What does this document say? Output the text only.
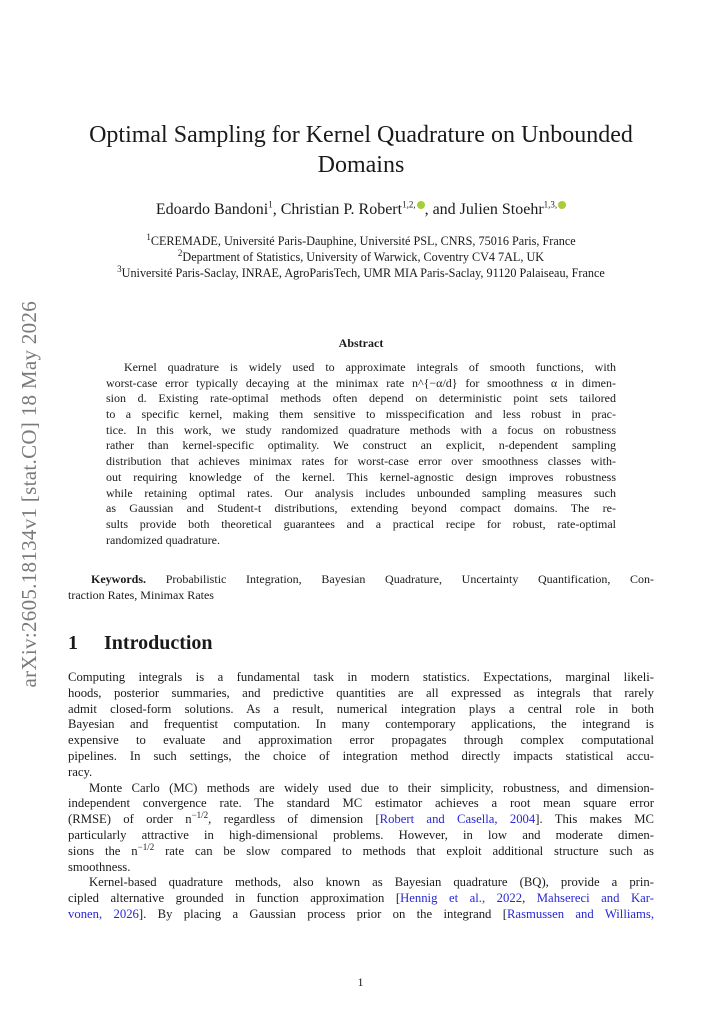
arXiv:2605.18134v1 [stat.CO] 18 May 2026
Optimal Sampling for Kernel Quadrature on Unbounded
Domains
Edoardo Bandoni$^1$, Christian P. Robert$^{1,2,}$ , and Julien Stoehr$^{1,3,}$
$^1$CEREMADE, Université Paris-Dauphine, Université PSL, CNRS, 75016 Paris, France
$^2$Department of Statistics, University of Warwick, Coventry CV4 7AL, UK
$^3$Université Paris-Saclay, INRAE, AgroParisTech, UMR MIA Paris-Saclay, 91120 Palaiseau, France
Abstract
Kernel quadrature is widely used to approximate integrals of smooth functions, with
worst-case error typically decaying at the minimax rate n^{−α/d} for smoothness α in dimen-
sion d. Existing rate-optimal methods often depend on deterministic point sets tailored
to a specific kernel, making them sensitive to misspecification and less robust in prac-
tice. In this work, we study randomized quadrature methods with a focus on robustness
rather than kernel-specific optimality. We construct an explicit, n-dependent sampling
distribution that achieves minimax rates for worst-case error over smoothness classes with-
out requiring knowledge of the kernel. This kernel-agnostic design improves robustness
while retaining optimal rates. Our analysis includes unbounded sampling measures such
as Gaussian and Student-t distributions, extending beyond compact domains. The re-
sults provide both theoretical guarantees and a practical recipe for robust, rate-optimal
randomized quadrature.
Keywords. Probabilistic Integration, Bayesian Quadrature, Uncertainty Quantification, Con-
traction Rates, Minimax Rates
1 Introduction
Computing integrals is a fundamental task in modern statistics. Expectations, marginal likeli-
hoods, posterior summaries, and predictive quantities are all expressed as integrals that rarely
admit closed-form solutions. As a result, numerical integration plays a central role in both
Bayesian and frequentist computation. In many contemporary applications, the integrand is
expensive to evaluate and approximation error propagates through complex computational
pipelines. In such settings, the choice of integration method directly impacts statistical accu-
racy.
Monte Carlo (MC) methods are widely used due to their simplicity, robustness, and dimension-
independent convergence rate. The standard MC estimator achieves a root mean square error
(RMSE) of order $n^{-1/2}$, regardless of dimension [Robert and Casella, 2004]. This makes MC
particularly attractive in high-dimensional problems. However, in low and moderate dimen-
sions the $n^{-1/2}$ rate can be slow compared to methods that exploit additional structure such as
smoothness.
Kernel-based quadrature methods, also known as Bayesian quadrature (BQ), provide a prin-
cipled alternative grounded in function approximation [Hennig et al., 2022, Mahsereci and Kar-
vonen, 2026]. By placing a Gaussian process prior on the integrand [Rasmussen and Williams,
1
